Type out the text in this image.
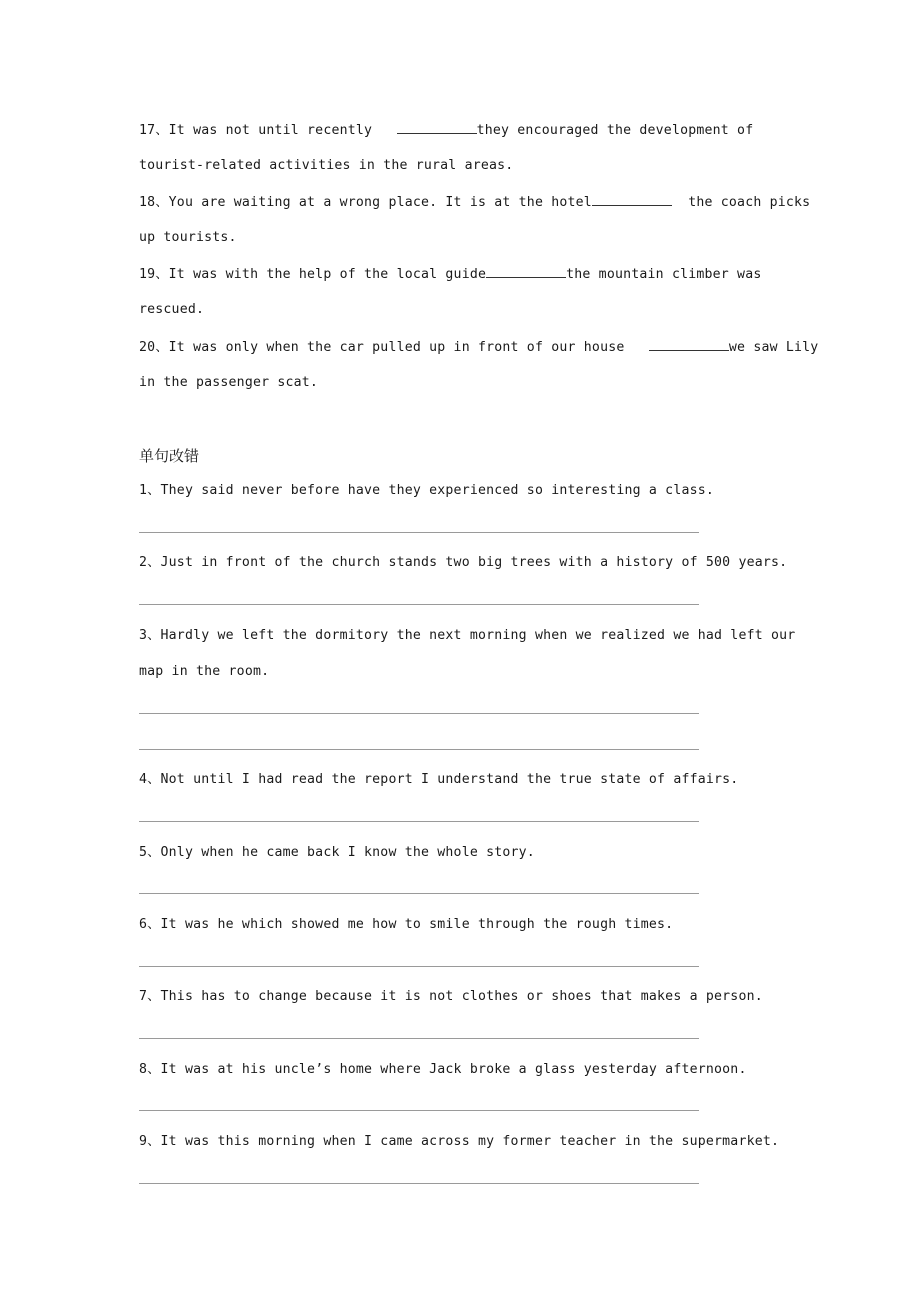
17、It was not until recently	they encouraged the development of
tourist-related activities in the rural areas.
18、You are waiting at a wrong place. It is at the hotel	the coach picks
up tourists.
19、It was with the help of the local guide	the mountain climber was
rescued.
20、It was only when the car pulled up in front of our house	we saw Lily
in the passenger scat.
单句改错
1、They said never before have they experienced so interesting a class.
2、Just in front of the church stands two big trees with a history of 500 years.
3、Hardly we left the dormitory the next morning when we realized we had left our
map in the room.
4、Not until I had read the report I understand the true state of affairs.
5、Only when he came back I know the whole story.
6、It was he which showed me how to smile through the rough times.
7、This has to change because it is not clothes or shoes that makes a person.
8、It was at his uncle’s home where Jack broke a glass yesterday afternoon.
9、It was this morning when I came across my former teacher in the supermarket.
